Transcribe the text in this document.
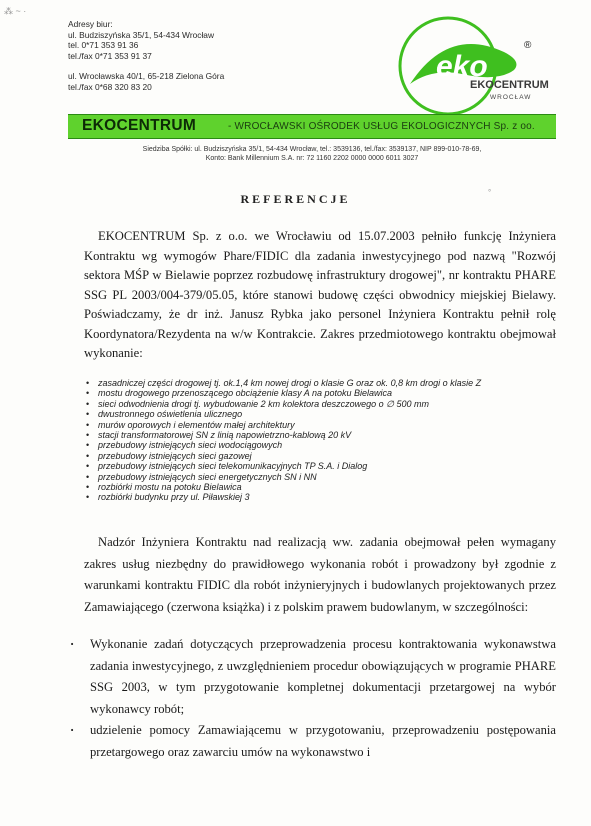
⁂ ~ ·
°
Adresy biur:
ul. Budziszyńska 35/1, 54-434 Wrocław
tel. 0*71 353 91 36
tel./fax 0*71 353 91 37
ul. Wrocławska 40/1, 65-218 Zielona Góra
tel./fax 0*68 320 83 20
eko
®
EKOCENTRUM
WROCŁAW
EKOCENTRUM	- WROCŁAWSKI OŚRODEK USŁUG EKOLOGICZNYCH Sp. z oo.
Siedziba Spółki: ul. Budziszyńska 35/1, 54-434 Wrocław, tel.: 3539136, tel./fax: 3539137, NIP 899-010-78-69,
Konto: Bank Millennium S.A. nr: 72 1160 2202 0000 0000 6011 3027
REFERENCJE
EKOCENTRUM Sp. z o.o. we Wrocławiu od 15.07.2003 pełniło funkcję Inżyniera Kontraktu wg wymogów Phare/FIDIC dla zadania inwestycyjnego pod nazwą "Rozwój sektora MŚP w Bielawie poprzez rozbudowę infrastruktury drogowej", nr kontraktu PHARE SSG PL 2003/004-379/05.05, które stanowi budowę części obwodnicy miejskiej Bielawy. Poświadczamy, że dr inż. Janusz Rybka jako personel Inżyniera Kontraktu pełnił rolę Koordynatora/Rezydenta na w/w Kontrakcie. Zakres przedmiotowego kontraktu obejmował wykonanie:
• zasadniczej części drogowej tj. ok.1,4 km nowej drogi o klasie G oraz ok. 0,8 km drogi o klasie Z
• mostu drogowego przenoszącego obciążenie klasy A na potoku Bielawica
• sieci odwodnienia drogi tj. wybudowanie 2 km kolektora deszczowego o ∅ 500 mm
• dwustronnego oświetlenia ulicznego
• murów oporowych i elementów małej architektury
• stacji transformatorowej SN z linią napowietrzno-kablową 20 kV
• przebudowy istniejących sieci wodociągowych
• przebudowy istniejących sieci gazowej
• przebudowy istniejących sieci telekomunikacyjnych TP S.A. i Dialog
• przebudowy istniejących sieci energetycznych SN i NN
• rozbiórki mostu na potoku Bielawica
• rozbiórki budynku przy ul. Piławskiej 3
Nadzór Inżyniera Kontraktu nad realizacją ww. zadania obejmował pełen wymagany zakres usług niezbędny do prawidłowego wykonania robót i prowadzony był zgodnie z warunkami kontraktu FIDIC dla robót inżynieryjnych i budowlanych projektowanych przez Zamawiającego (czerwona książka) i z polskim prawem budowlanym, w szczególności:
· Wykonanie zadań dotyczących przeprowadzenia procesu kontraktowania wykonawstwa zadania inwestycyjnego, z uwzględnieniem procedur obowiązujących w programie PHARE SSG 2003, w tym przygotowanie kompletnej dokumentacji przetargowej na wybór wykonawcy robót;
· udzielenie pomocy Zamawiającemu w przygotowaniu, przeprowadzeniu postępowania przetargowego oraz zawarciu umów na wykonawstwo i
